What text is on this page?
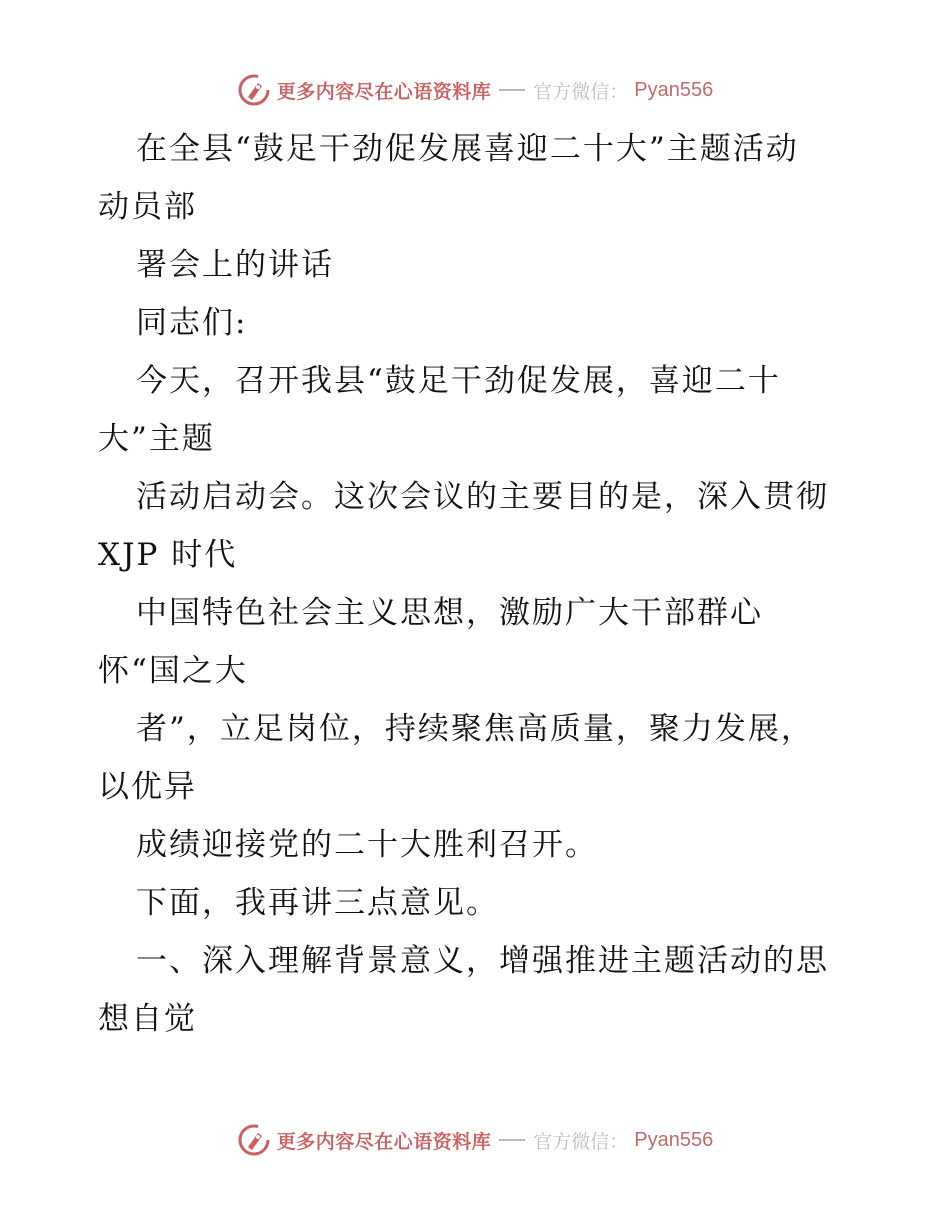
更多内容尽在心语资料库 官方微信： Pyan556
在全县“鼓足干劲促发展喜迎二十大”主题活动
动员部
署会上的讲话
同志们:
今天，召开我县“鼓足干劲促发展，喜迎二十
大”主题
活动启动会。这次会议的主要目的是，深入贯彻
XJP 时代
中国特色社会主义思想，激励广大干部群心
怀“国之大
者”，立足岗位，持续聚焦高质量，聚力发展，
以优异
成绩迎接党的二十大胜利召开。
下面，我再讲三点意见。
一、深入理解背景意义，增强推进主题活动的思
想自觉
更多内容尽在心语资料库 官方微信： Pyan556
